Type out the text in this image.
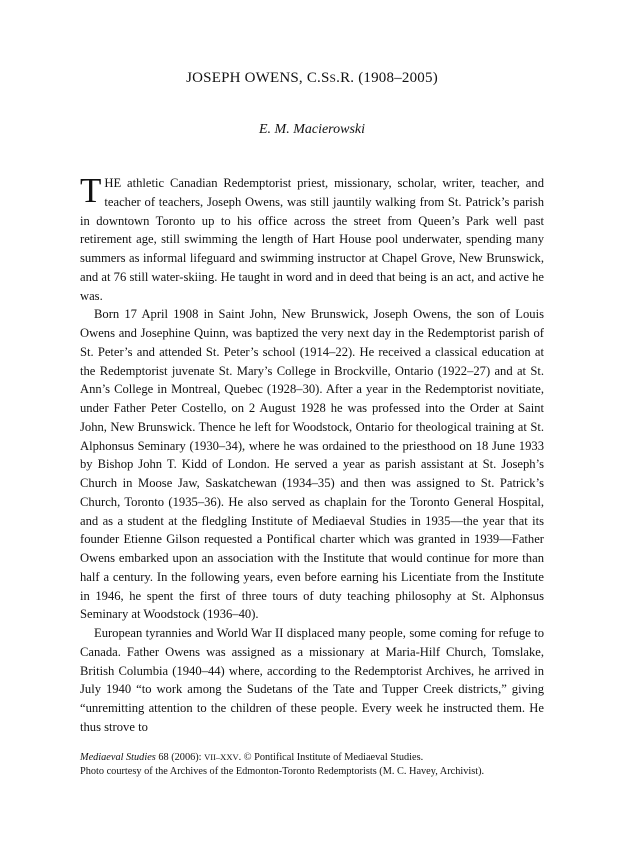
JOSEPH OWENS, C.SS.R. (1908–2005)
E. M. Macierowski

THE athletic Canadian Redemptorist priest, missionary, scholar, writer, teacher, and teacher of teachers, Joseph Owens, was still jauntily walking from St. Patrick’s parish in downtown Toronto up to his office across the street from Queen’s Park well past retirement age, still swimming the length of Hart House pool underwater, spending many summers as informal lifeguard and swimming instructor at Chapel Grove, New Brunswick, and at 76 still water-skiing. He taught in word and in deed that being is an act, and active he was.

Born 17 April 1908 in Saint John, New Brunswick, Joseph Owens, the son of Louis Owens and Josephine Quinn, was baptized the very next day in the Redemptorist parish of St. Peter’s and attended St. Peter’s school (1914–22). He received a classical education at the Redemptorist juvenate St. Mary’s College in Brockville, Ontario (1922–27) and at St. Ann’s College in Montreal, Quebec (1928–30). After a year in the Redemptorist novitiate, under Father Peter Costello, on 2 August 1928 he was professed into the Order at Saint John, New Brunswick. Thence he left for Woodstock, Ontario for theological training at St. Alphonsus Seminary (1930–34), where he was ordained to the priesthood on 18 June 1933 by Bishop John T. Kidd of London. He served a year as parish assistant at St. Joseph’s Church in Moose Jaw, Saskatchewan (1934–35) and then was assigned to St. Patrick’s Church, Toronto (1935–36). He also served as chaplain for the Toronto General Hospital, and as a student at the fledgling Institute of Mediaeval Studies in 1935—the year that its founder Etienne Gilson requested a Pontifical charter which was granted in 1939—Father Owens embarked upon an association with the Institute that would continue for more than half a century. In the following years, even before earning his Licentiate from the Institute in 1946, he spent the first of three tours of duty teaching philosophy at St. Alphonsus Seminary at Woodstock (1936–40).

European tyrannies and World War II displaced many people, some coming for refuge to Canada. Father Owens was assigned as a missionary at Maria-Hilf Church, Tomslake, British Columbia (1940–44) where, according to the Redemptorist Archives, he arrived in July 1940 “to work among the Sudetans of the Tate and Tupper Creek districts,” giving “unremitting attention to the children of these people. Every week he instructed them. He thus strove to

Mediaeval Studies 68 (2006): VII–XXV. © Pontifical Institute of Mediaeval Studies.
Photo courtesy of the Archives of the Edmonton-Toronto Redemptorists (M. C. Havey, Archivist).
